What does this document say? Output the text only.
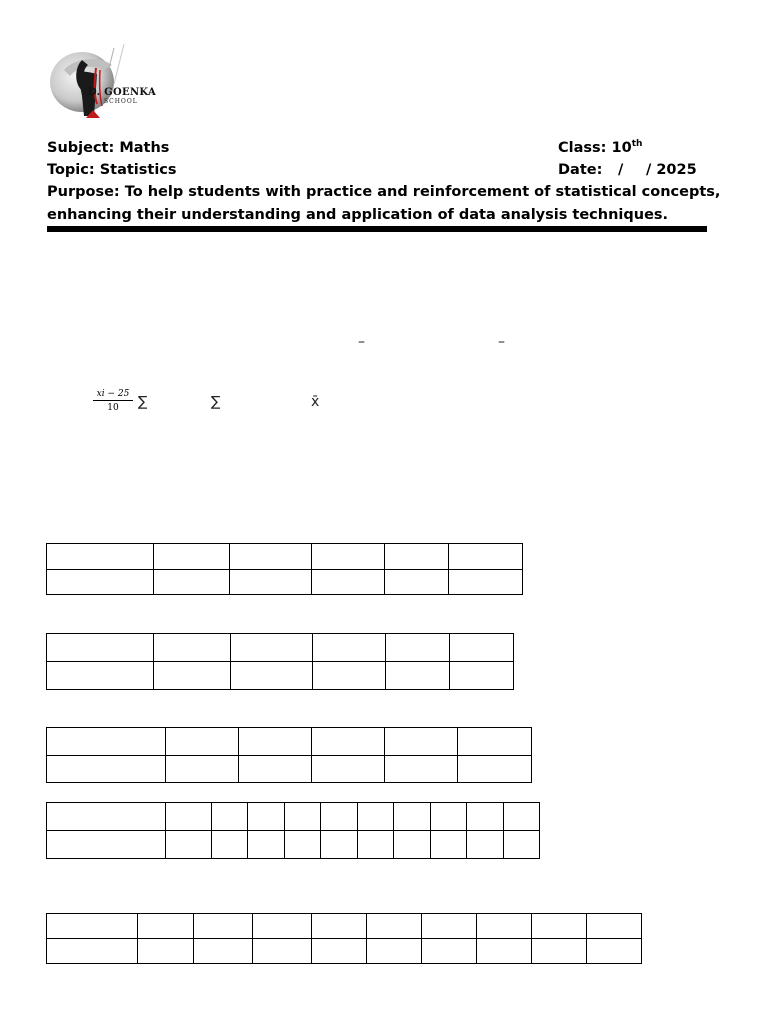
D. GOENKA
SCHOOL
Subject: Maths	Class: 10th
Topic: Statistics	Date: / / 2025
Purpose: To help students with practice and reinforcement of statistical concepts, enhancing their understanding and application of data analysis techniques.
–	–
$\frac{xi - 25}{10}$ ∑	∑	x̄
